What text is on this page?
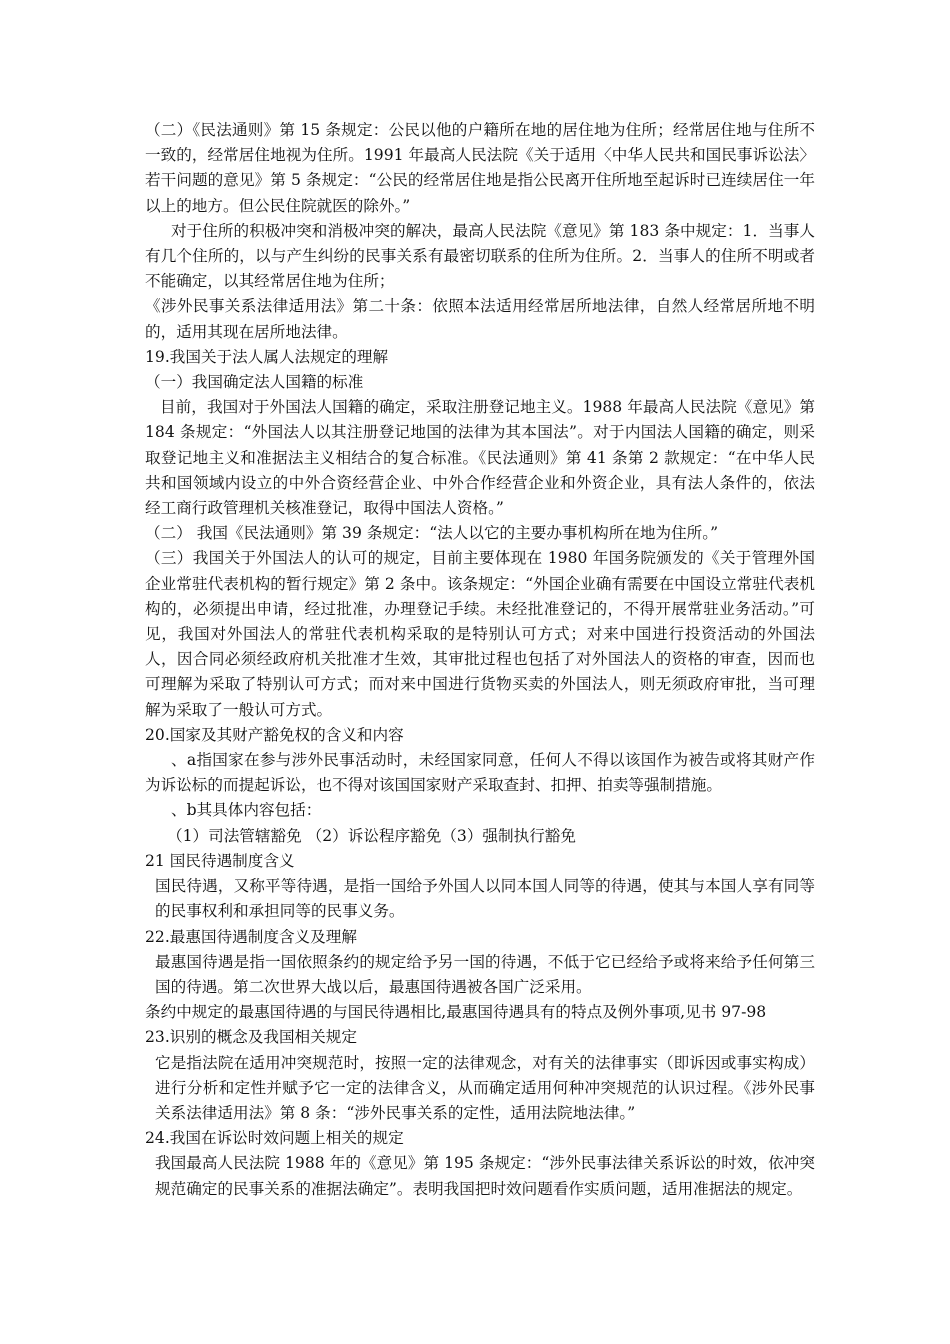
（二）《民法通则》第 15 条规定：公民以他的户籍所在地的居住地为住所；经常居住地与住所不一致的，经常居住地视为住所。1991 年最高人民法院《关于适用〈中华人民共和国民事诉讼法〉若干问题的意见》第 5 条规定：“公民的经常居住地是指公民离开住所地至起诉时已连续居住一年以上的地方。但公民住院就医的除外。”

对于住所的积极冲突和消极冲突的解决，最高人民法院《意见》第 183 条中规定：1．当事人有几个住所的，以与产生纠纷的民事关系有最密切联系的住所为住所。2．当事人的住所不明或者不能确定，以其经常居住地为住所；

《涉外民事关系法律适用法》第二十条：依照本法适用经常居所地法律，自然人经常居所地不明的，适用其现在居所地法律。

19.我国关于法人属人法规定的理解

（一）我国确定法人国籍的标准

目前，我国对于外国法人国籍的确定，采取注册登记地主义。1988 年最高人民法院《意见》第 184 条规定：“外国法人以其注册登记地国的法律为其本国法”。对于内国法人国籍的确定，则采取登记地主义和准据法主义相结合的复合标准。《民法通则》第 41 条第 2 款规定：“在中华人民共和国领域内设立的中外合资经营企业、中外合作经营企业和外资企业，具有法人条件的，依法经工商行政管理机关核准登记，取得中国法人资格。”

（二） 我国《民法通则》第 39 条规定：“法人以它的主要办事机构所在地为住所。”

（三）我国关于外国法人的认可的规定，目前主要体现在 1980 年国务院颁发的《关于管理外国企业常驻代表机构的暂行规定》第 2 条中。该条规定：“外国企业确有需要在中国设立常驻代表机构的，必须提出申请，经过批准，办理登记手续。未经批准登记的，不得开展常驻业务活动。”可见，我国对外国法人的常驻代表机构采取的是特别认可方式；对来中国进行投资活动的外国法人，因合同必须经政府机关批准才生效，其审批过程也包括了对外国法人的资格的审查，因而也可理解为采取了特别认可方式；而对来中国进行货物买卖的外国法人，则无须政府审批，当可理解为采取了一般认可方式。

20.国家及其财产豁免权的含义和内容

、a指国家在参与涉外民事活动时，未经国家同意，任何人不得以该国作为被告或将其财产作为诉讼标的而提起诉讼，也不得对该国国家财产采取查封、扣押、拍卖等强制措施。

、b其具体内容包括：

（1）司法管辖豁免 （2）诉讼程序豁免（3）强制执行豁免

21 国民待遇制度含义

国民待遇，又称平等待遇，是指一国给予外国人以同本国人同等的待遇，使其与本国人享有同等的民事权利和承担同等的民事义务。

22.最惠国待遇制度含义及理解

最惠国待遇是指一国依照条约的规定给予另一国的待遇，不低于它已经给予或将来给予任何第三国的待遇。第二次世界大战以后，最惠国待遇被各国广泛采用。

条约中规定的最惠国待遇的与国民待遇相比,最惠国待遇具有的特点及例外事项,见书 97-98

23.识别的概念及我国相关规定

它是指法院在适用冲突规范时，按照一定的法律观念，对有关的法律事实（即诉因或事实构成）进行分析和定性并赋予它一定的法律含义，从而确定适用何种冲突规范的认识过程。《涉外民事关系法律适用法》第 8 条：“涉外民事关系的定性，适用法院地法律。”

24.我国在诉讼时效问题上相关的规定

我国最高人民法院 1988 年的《意见》第 195 条规定：“涉外民事法律关系诉讼的时效，依冲突规范确定的民事关系的准据法确定”。表明我国把时效问题看作实质问题，适用准据法的规定。
